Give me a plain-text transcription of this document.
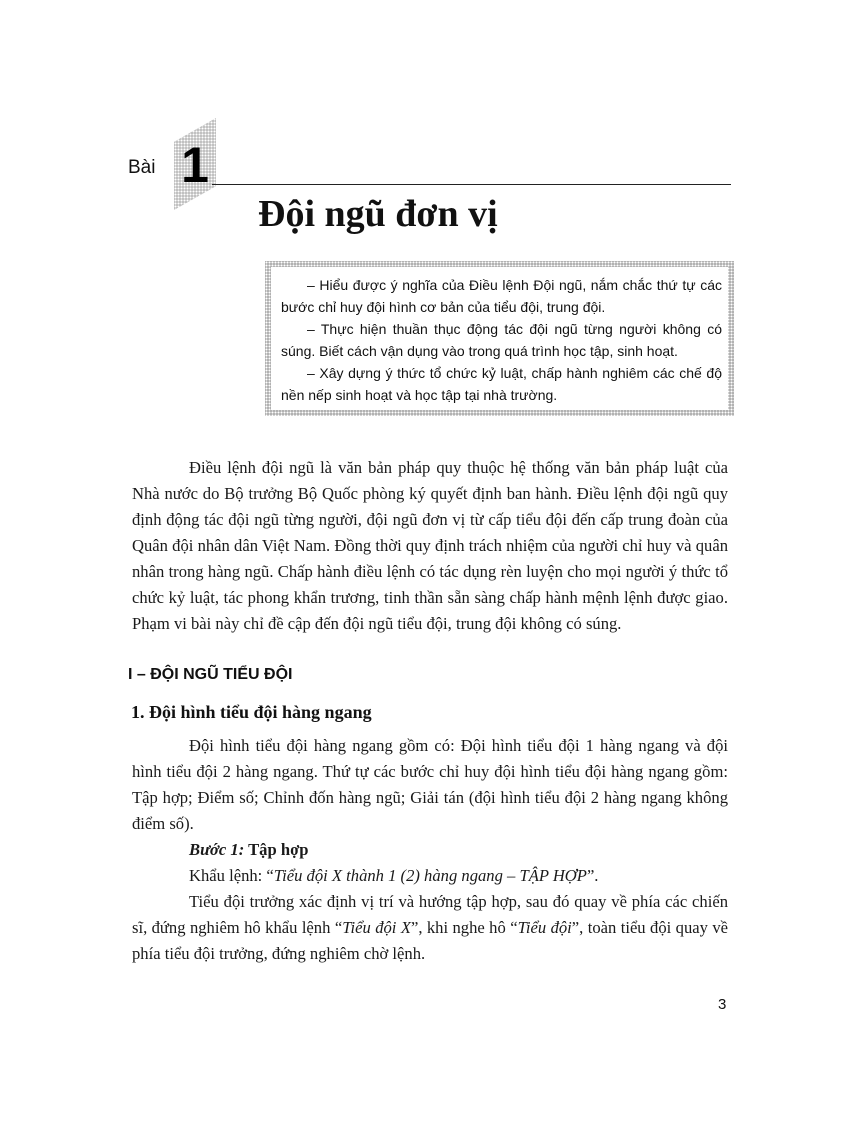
Bài 1
Đội ngũ đơn vị

– Hiểu được ý nghĩa của Điều lệnh Đội ngũ, nắm chắc thứ tự các bước chỉ huy đội hình cơ bản của tiểu đội, trung đội.

– Thực hiện thuần thục động tác đội ngũ từng người không có súng. Biết cách vận dụng vào trong quá trình học tập, sinh hoạt.

– Xây dựng ý thức tổ chức kỷ luật, chấp hành nghiêm các chế độ nền nếp sinh hoạt và học tập tại nhà trường.

Điều lệnh đội ngũ là văn bản pháp quy thuộc hệ thống văn bản pháp luật của Nhà nước do Bộ trưởng Bộ Quốc phòng ký quyết định ban hành. Điều lệnh đội ngũ quy định động tác đội ngũ từng người, đội ngũ đơn vị từ cấp tiểu đội đến cấp trung đoàn của Quân đội nhân dân Việt Nam. Đồng thời quy định trách nhiệm của người chỉ huy và quân nhân trong hàng ngũ. Chấp hành điều lệnh có tác dụng rèn luyện cho mọi người ý thức tổ chức kỷ luật, tác phong khẩn trương, tinh thần sẵn sàng chấp hành mệnh lệnh được giao. Phạm vi bài này chỉ đề cập đến đội ngũ tiểu đội, trung đội không có súng.

I – ĐỘI NGŨ TIỂU ĐỘI
1. Đội hình tiểu đội hàng ngang

Đội hình tiểu đội hàng ngang gồm có: Đội hình tiểu đội 1 hàng ngang và đội hình tiểu đội 2 hàng ngang. Thứ tự các bước chỉ huy đội hình tiểu đội hàng ngang gồm: Tập hợp; Điểm số; Chỉnh đốn hàng ngũ; Giải tán (đội hình tiểu đội 2 hàng ngang không điểm số).

Bước 1: Tập hợp

Khẩu lệnh: “Tiểu đội X thành 1 (2) hàng ngang – TẬP HỢP”.

Tiểu đội trưởng xác định vị trí và hướng tập hợp, sau đó quay về phía các chiến sĩ, đứng nghiêm hô khẩu lệnh “Tiểu đội X”, khi nghe hô “Tiểu đội”, toàn tiểu đội quay về phía tiểu đội trưởng, đứng nghiêm chờ lệnh.

3
